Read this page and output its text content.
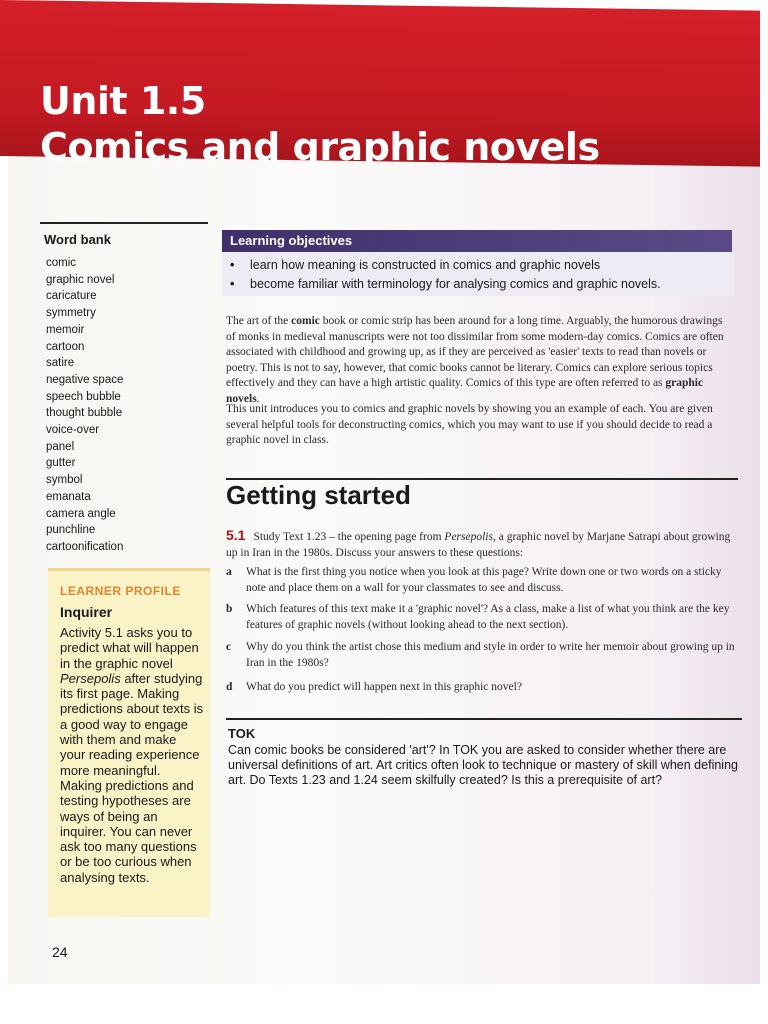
Unit 1.5
Comics and graphic novels
Word bank
comic
graphic novel
caricature
symmetry
memoir
cartoon
satire
negative space
speech bubble
thought bubble
voice-over
panel
gutter
symbol
emanata
camera angle
punchline
cartoonification
LEARNER PROFILE
Inquirer
Activity 5.1 asks you to predict what will happen in the graphic novel Persepolis after studying its first page. Making predictions about texts is a good way to engage with them and make your reading experience more meaningful. Making predictions and testing hypotheses are ways of being an inquirer. You can never ask too many questions or be too curious when analysing texts.
24
Learning objectives
• learn how meaning is constructed in comics and graphic novels
• become familiar with terminology for analysing comics and graphic novels.
The art of the comic book or comic strip has been around for a long time. Arguably, the humorous drawings of monks in medieval manuscripts were not too dissimilar from some modern-day comics. Comics are often associated with childhood and growing up, as if they are perceived as 'easier' texts to read than novels or poetry. This is not to say, however, that comic books cannot be literary. Comics can explore serious topics effectively and they can have a high artistic quality. Comics of this type are often referred to as graphic novels.
This unit introduces you to comics and graphic novels by showing you an example of each. You are given several helpful tools for deconstructing comics, which you may want to use if you should decide to read a graphic novel in class.
Getting started
5.1 Study Text 1.23 – the opening page from Persepolis, a graphic novel by Marjane Satrapi about growing up in Iran in the 1980s. Discuss your answers to these questions:
a	What is the first thing you notice when you look at this page? Write down one or two words on a sticky note and place them on a wall for your classmates to see and discuss.
b	Which features of this text make it a 'graphic novel'? As a class, make a list of what you think are the key features of graphic novels (without looking ahead to the next section).
c	Why do you think the artist chose this medium and style in order to write her memoir about growing up in Iran in the 1980s?
d	What do you predict will happen next in this graphic novel?
TOK
Can comic books be considered 'art'? In TOK you are asked to consider whether there are universal definitions of art. Art critics often look to technique or mastery of skill when defining art. Do Texts 1.23 and 1.24 seem skilfully created? Is this a prerequisite of art?
